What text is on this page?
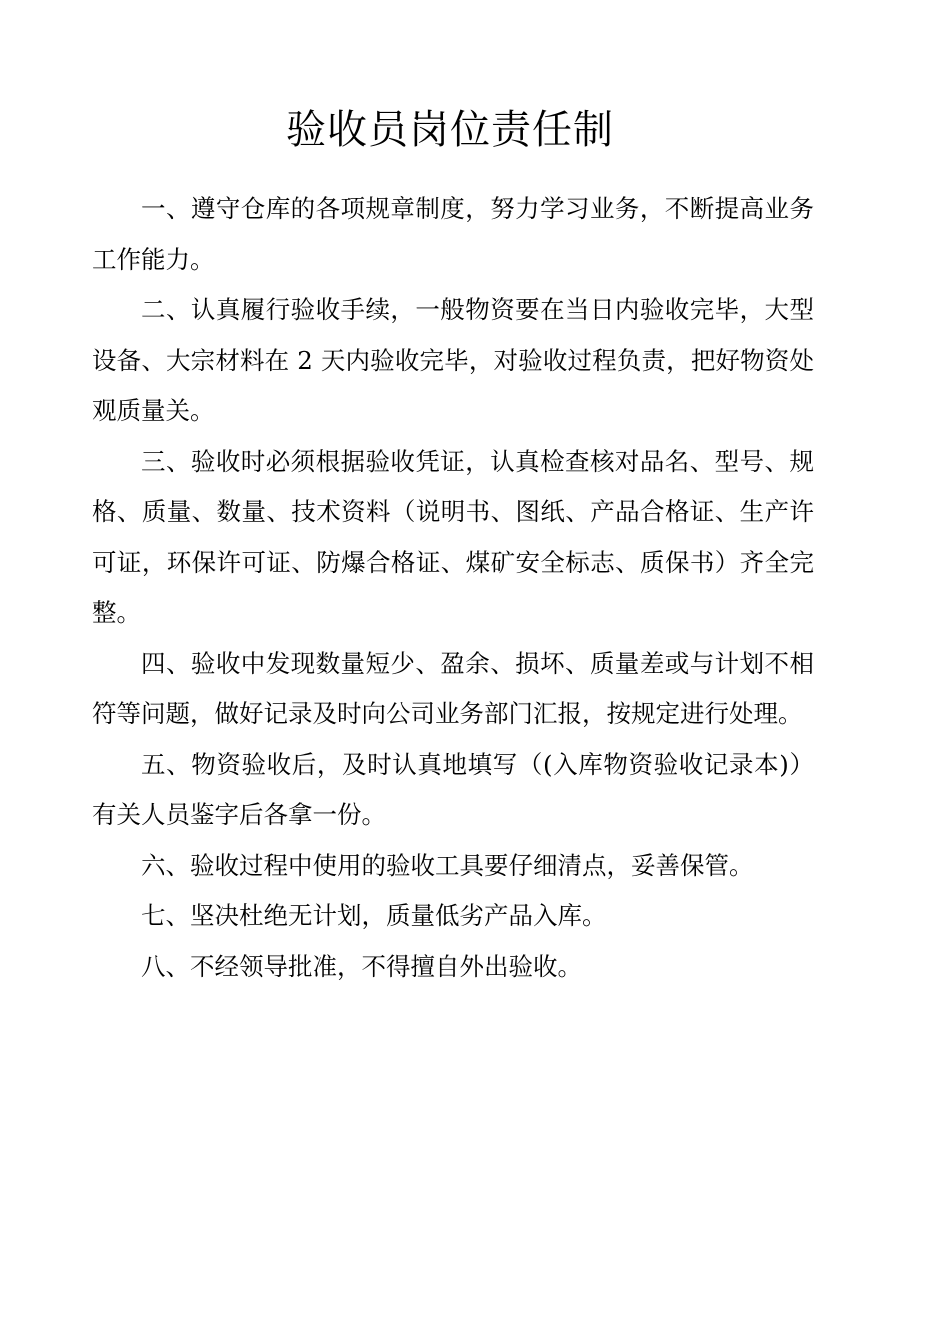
验收员岗位责任制

一、遵守仓库的各项规章制度，努力学习业务，不断提高业务工作能力。

二、认真履行验收手续，一般物资要在当日内验收完毕，大型设备、大宗材料在 2 天内验收完毕，对验收过程负责，把好物资处观质量关。

三、验收时必须根据验收凭证，认真检查核对品名、型号、规格、质量、数量、技术资料（说明书、图纸、产品合格证、生产许可证，环保许可证、防爆合格证、煤矿安全标志、质保书）齐全完整。

四、验收中发现数量短少、盈余、损坏、质量差或与计划不相符等问题，做好记录及时向公司业务部门汇报，按规定进行处理。

五、物资验收后，及时认真地填写（(入库物资验收记录本)）有关人员鉴字后各拿一份。

六、验收过程中使用的验收工具要仔细清点，妥善保管。

七、坚决杜绝无计划，质量低劣产品入库。

八、不经领导批准，不得擅自外出验收。
